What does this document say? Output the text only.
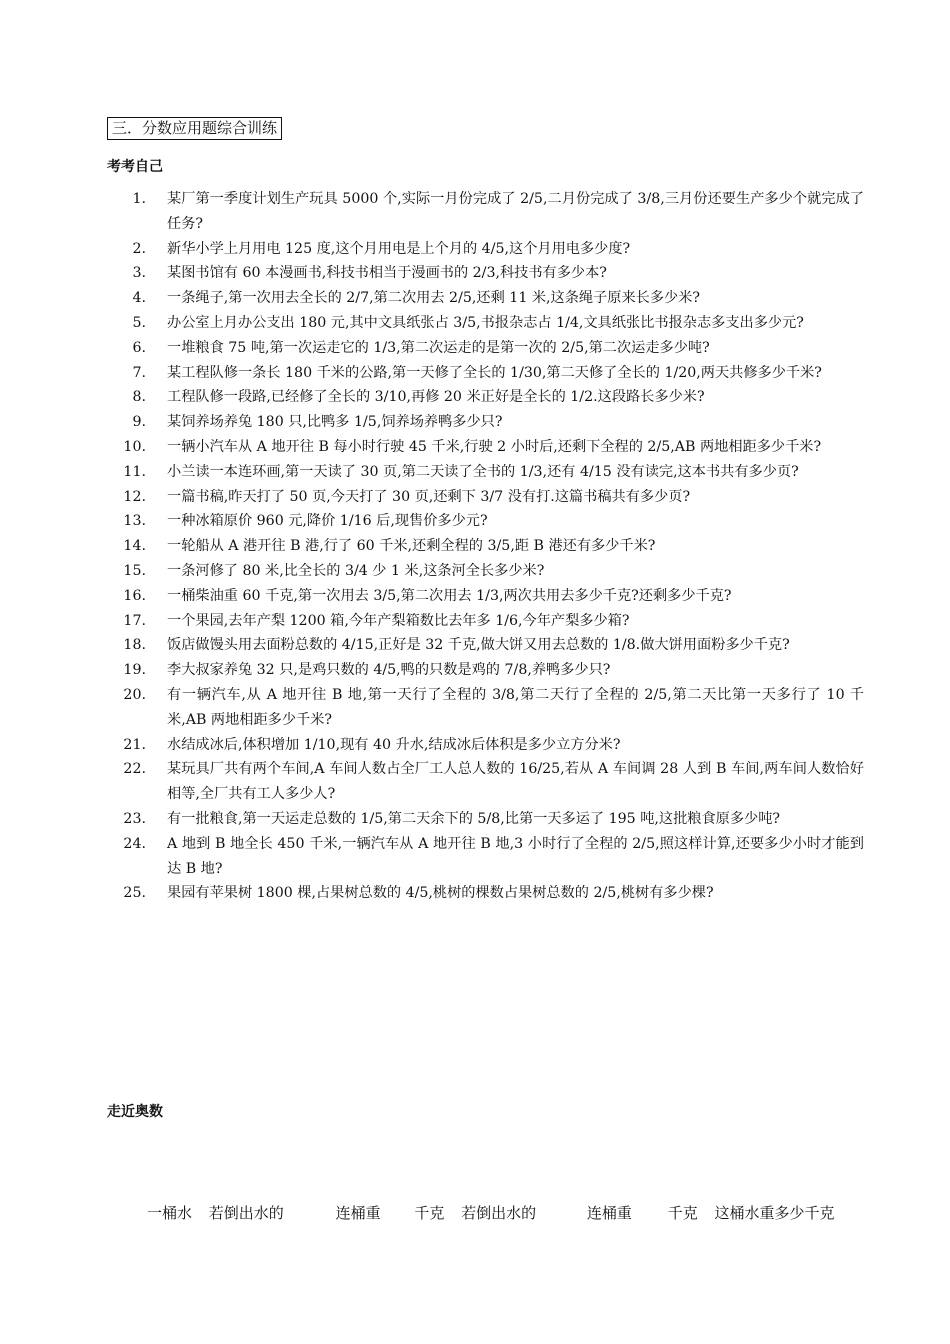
三．分数应用题综合训练
考考自己
1. 某厂第一季度计划生产玩具 5000 个,实际一月份完成了 2/5,二月份完成了 3/8,三月份还要生产多少个就完成了任务?
2. 新华小学上月用电 125 度,这个月用电是上个月的 4/5,这个月用电多少度?
3. 某图书馆有 60 本漫画书,科技书相当于漫画书的 2/3,科技书有多少本?
4. 一条绳子,第一次用去全长的 2/7,第二次用去 2/5,还剩 11 米,这条绳子原来长多少米?
5. 办公室上月办公支出 180 元,其中文具纸张占 3/5,书报杂志占 1/4,文具纸张比书报杂志多支出多少元?
6. 一堆粮食 75 吨,第一次运走它的 1/3,第二次运走的是第一次的 2/5,第二次运走多少吨?
7. 某工程队修一条长 180 千米的公路,第一天修了全长的 1/30,第二天修了全长的 1/20,两天共修多少千米?
8. 工程队修一段路,已经修了全长的 3/10,再修 20 米正好是全长的 1/2.这段路长多少米?
9. 某饲养场养兔 180 只,比鸭多 1/5,饲养场养鸭多少只?
10. 一辆小汽车从 A 地开往 B 每小时行驶 45 千米,行驶 2 小时后,还剩下全程的 2/5,AB 两地相距多少千米?
11. 小兰读一本连环画,第一天读了 30 页,第二天读了全书的 1/3,还有 4/15 没有读完,这本书共有多少页?
12. 一篇书稿,昨天打了 50 页,今天打了 30 页,还剩下 3/7 没有打.这篇书稿共有多少页?
13. 一种冰箱原价 960 元,降价 1/16 后,现售价多少元?
14. 一轮船从 A 港开往 B 港,行了 60 千米,还剩全程的 3/5,距 B 港还有多少千米?
15. 一条河修了 80 米,比全长的 3/4 少 1 米,这条河全长多少米?
16. 一桶柴油重 60 千克,第一次用去 3/5,第二次用去 1/3,两次共用去多少千克?还剩多少千克?
17. 一个果园,去年产梨 1200 箱,今年产梨箱数比去年多 1/6,今年产梨多少箱?
18. 饭店做馒头用去面粉总数的 4/15,正好是 32 千克,做大饼又用去总数的 1/8.做大饼用面粉多少千克?
19. 李大叔家养兔 32 只,是鸡只数的 4/5,鸭的只数是鸡的 7/8,养鸭多少只?
20. 有一辆汽车,从 A 地开往 B 地,第一天行了全程的 3/8,第二天行了全程的 2/5,第二天比第一天多行了 10 千米,AB 两地相距多少千米?
21. 水结成冰后,体积增加 1/10,现有 40 升水,结成冰后体积是多少立方分米?
22. 某玩具厂共有两个车间,A 车间人数占全厂工人总人数的 16/25,若从 A 车间调 28 人到 B 车间,两车间人数恰好相等,全厂共有工人多少人?
23. 有一批粮食,第一天运走总数的 1/5,第二天余下的 5/8,比第一天多运了 195 吨,这批粮食原多少吨?
24. A 地到 B 地全长 450 千米,一辆汽车从 A 地开往 B 地,3 小时行了全程的 2/5,照这样计算,还要多少小时才能到达 B 地?
25. 果园有苹果树 1800 棵,占果树总数的 4/5,桃树的棵数占果树总数的 2/5,桃树有多少棵?
走近奥数
一桶水 若倒出水的	连桶重 千克 若倒出水的	连桶重 千克 这桶水重多少千克
